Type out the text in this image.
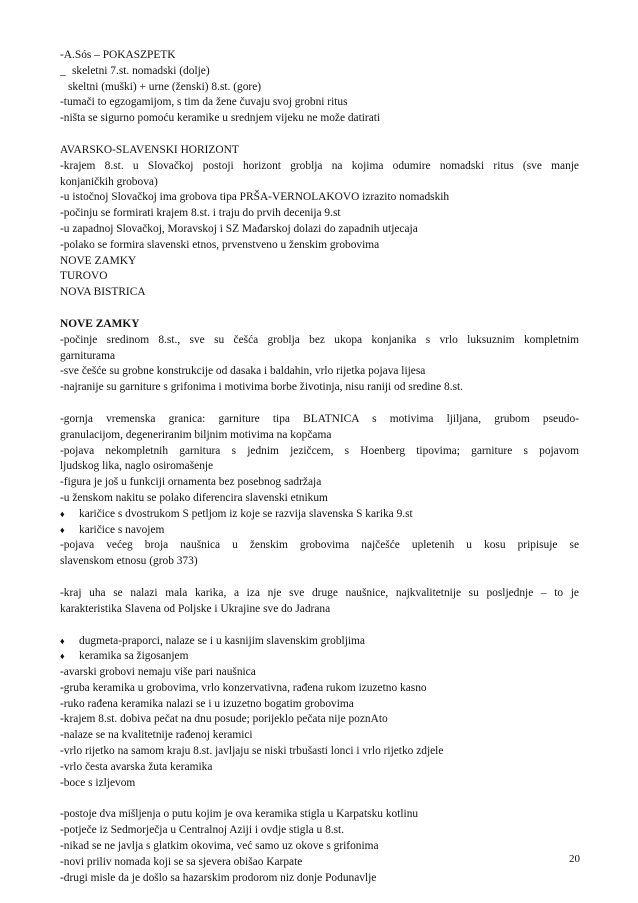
-A.Sós – POKASZPETK
_ skeletni 7.st. nomadski (dolje)
skeltni (muški) + urne (ženski) 8.st. (gore)
-tumači to egzogamijom, s tim da žene čuvaju svoj grobni ritus
-ništa se sigurno pomoću keramike u srednjem vijeku ne može datirati
AVARSKO-SLAVENSKI HORIZONT
-krajem 8.st. u Slovačkoj postoji horizont groblja na kojima odumire nomadski ritus (sve manje
konjaničkih grobova)
-u istočnoj Slovačkoj ima grobova tipa PRŠA-VERNOLAKOVO izrazito nomadskih
-počinju se formirati krajem 8.st. i traju do prvih decenija 9.st
-u zapadnoj Slovačkoj, Moravskoj i SZ Mađarskoj dolazi do zapadnih utjecaja
-polako se formira slavenski etnos, prvenstveno u ženskim grobovima
NOVE ZAMKY
TUROVO
NOVA BISTRICA
NOVE ZAMKY
-počinje sredinom 8.st., sve su češća groblja bez ukopa konjanika s vrlo luksuznim kompletnim
garniturama
-sve češće su grobne konstrukcije od dasaka i baldahin, vrlo rijetka pojava lijesa
-najranije su garniture s grifonima i motivima borbe životinja, nisu raniji od sredine 8.st.
-gornja vremenska granica: garniture tipa BLATNICA s motivima ljiljana, grubom pseudo-
granulacijom, degeneriranim biljnim motivima na kopčama
-pojava nekompletnih garnitura s jednim jezičcem, s Hoenberg tipovima; garniture s pojavom
ljudskog lika, naglo osiromašenje
-figura je još u funkciji ornamenta bez posebnog sadržaja
-u ženskom nakitu se polako diferencira slavenski etnikum
♦	karičice s dvostrukom S petljom iz koje se razvija slavenska S karika 9.st
♦	karičice s navojem
-pojava većeg broja naušnica u ženskim grobovima najčešće upletenih u kosu pripisuje se
slavenskom etnosu (grob 373)
-kraj uha se nalazi mala karika, a iza nje sve druge naušnice, najkvalitetnije su posljednje – to je
karakteristika Slavena od Poljske i Ukrajine sve do Jadrana
♦	dugmeta-praporci, nalaze se i u kasnijim slavenskim grobljima
♦	keramika sa žigosanjem
-avarski grobovi nemaju više pari naušnica
-gruba keramika u grobovima, vrlo konzervativna, rađena rukom izuzetno kasno
-ruko rađena keramika nalazi se i u izuzetno bogatim grobovima
-krajem 8.st. dobiva pečat na dnu posude; porijeklo pečata nije poznAto
-nalaze se na kvalitetnije rađenoj keramici
-vrlo rijetko na samom kraju 8.st. javljaju se niski trbušasti lonci i vrlo rijetko zdjele
-vrlo česta avarska žuta keramika
-boce s izljevom
-postoje dva mišljenja o putu kojim je ova keramika stigla u Karpatsku kotlinu
-potječe iz Sedmorječja u Centralnoj Aziji i ovdje stigla u 8.st.
-nikad se ne javlja s glatkim okovima, već samo uz okove s grifonima
-novi priliv nomada koji se sa sjevera obišao Karpate
-drugi misle da je došlo sa hazarskim prodorom niz donje Podunavlje
20
